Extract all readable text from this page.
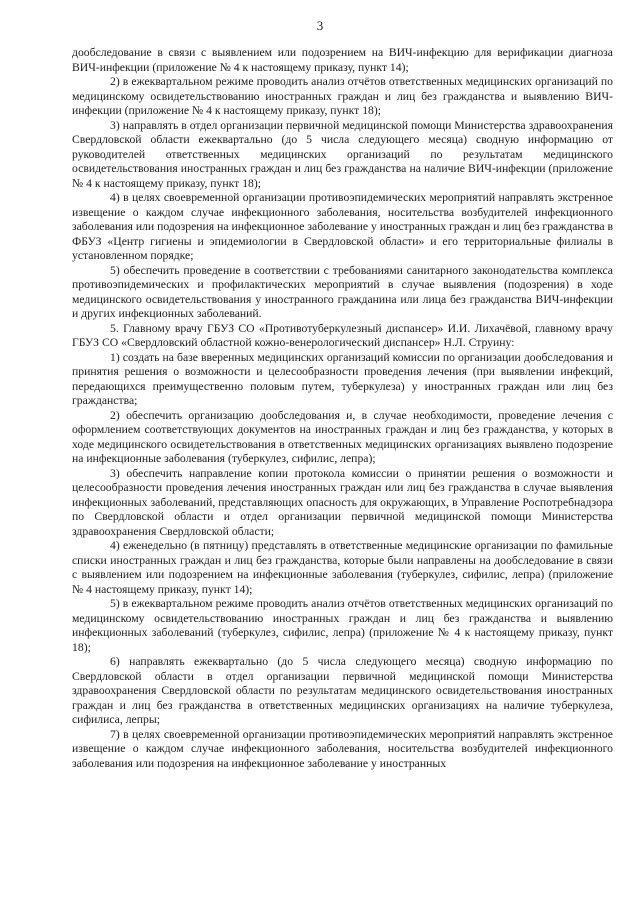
3

дообследование в связи с выявлением или подозрением на ВИЧ-инфекцию для верификации диагноза ВИЧ-инфекции (приложение № 4 к настоящему приказу, пункт 14);

2) в ежеквартальном режиме проводить анализ отчётов ответственных медицинских организаций по медицинскому освидетельствованию иностранных граждан и лиц без гражданства и выявлению ВИЧ-инфекции (приложение № 4 к настоящему приказу, пункт 18);

3) направлять в отдел организации первичной медицинской помощи Министерства здравоохранения Свердловской области ежеквартально (до 5 числа следующего месяца) сводную информацию от руководителей ответственных медицинских организаций по результатам медицинского освидетельствования иностранных граждан и лиц без гражданства на наличие ВИЧ-инфекции (приложение № 4 к настоящему приказу, пункт 18);

4) в целях своевременной организации противоэпидемических мероприятий направлять экстренное извещение о каждом случае инфекционного заболевания, носительства возбудителей инфекционного заболевания или подозрения на инфекционное заболевание у иностранных граждан и лиц без гражданства в ФБУЗ «Центр гигиены и эпидемиологии в Свердловской области» и его территориальные филиалы в установленном порядке;

5) обеспечить проведение в соответствии с требованиями санитарного законодательства комплекса противоэпидемических и профилактических мероприятий в случае выявления (подозрения) в ходе медицинского освидетельствования у иностранного гражданина или лица без гражданства ВИЧ-инфекции и других инфекционных заболеваний.

5. Главному врачу ГБУЗ СО «Противотуберкулезный диспансер» И.И. Лихачёвой, главному врачу ГБУЗ СО «Свердловский областной кожно-венерологический диспансер» Н.Л. Струину:

1) создать на базе вверенных медицинских организаций комиссии по организации дообследования и принятия решения о возможности и целесообразности проведения лечения (при выявлении инфекций, передающихся преимущественно половым путем, туберкулеза) у иностранных граждан или лиц без гражданства;

2) обеспечить организацию дообследования и, в случае необходимости, проведение лечения с оформлением соответствующих документов на иностранных граждан и лиц без гражданства, у которых в ходе медицинского освидетельствования в ответственных медицинских организациях выявлено подозрение на инфекционные заболевания (туберкулез, сифилис, лепра);

3) обеспечить направление копии протокола комиссии о принятии решения о возможности и целесообразности проведения лечения иностранных граждан или лиц без гражданства в случае выявления инфекционных заболеваний, представляющих опасность для окружающих, в Управление Роспотребнадзора по Свердловской области и отдел организации первичной медицинской помощи Министерства здравоохранения Свердловской области;

4) еженедельно (в пятницу) представлять в ответственные медицинские организации по фамильные списки иностранных граждан и лиц без гражданства, которые были направлены на дообследование в связи с выявлением или подозрением на инфекционные заболевания (туберкулез, сифилис, лепра) (приложение № 4 настоящему приказу, пункт 14);

5) в ежеквартальном режиме проводить анализ отчётов ответственных медицинских организаций по медицинскому освидетельствованию иностранных граждан и лиц без гражданства и выявлению инфекционных заболеваний (туберкулез, сифилис, лепра) (приложение № 4 к настоящему приказу, пункт 18);

6) направлять ежеквартально (до 5 числа следующего месяца) сводную информацию по Свердловской области в отдел организации первичной медицинской помощи Министерства здравоохранения Свердловской области по результатам медицинского освидетельствования иностранных граждан и лиц без гражданства в ответственных медицинских организациях на наличие туберкулеза, сифилиса, лепры;

7) в целях своевременной организации противоэпидемических мероприятий направлять экстренное извещение о каждом случае инфекционного заболевания, носительства возбудителей инфекционного заболевания или подозрения на инфекционное заболевание у иностранных
